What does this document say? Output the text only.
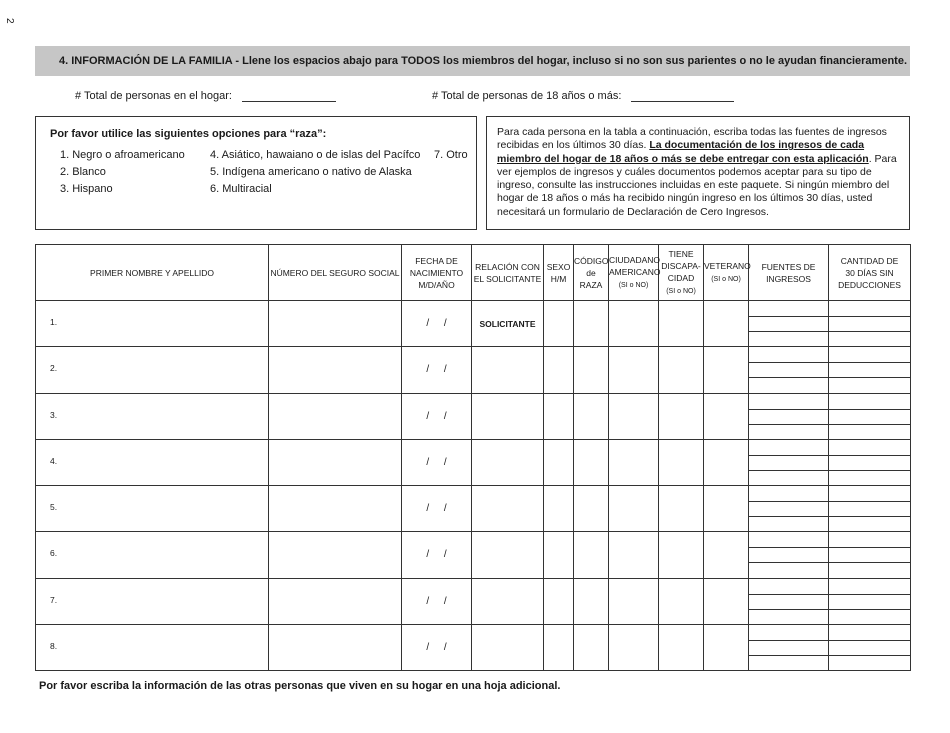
2
4. INFORMACIÓN DE LA FAMILIA - Llene los espacios abajo para TODOS los miembros del hogar, incluso si no son sus parientes o no le ayudan financieramente.
# Total de personas en el hogar:	# Total de personas de 18 años o más:
Por favor utilice las siguientes opciones para “raza”:
1. Negro o afroamericano
2. Blanco
3. Hispano
4. Asiático, hawaiano o de islas del Pacífco
5. Indígena americano o nativo de Alaska
6. Multiracial
7. Otro
Para cada persona en la tabla a continuación, escriba todas las fuentes de ingresos recibidas en los últimos 30 días. La documentación de los ingresos de cada miembro del hogar de 18 años o más se debe entregar con esta aplicación. Para ver ejemplos de ingresos y cuáles documentos podemos aceptar para su tipo de ingreso, consulte las instrucciones incluidas en este paquete. Si ningún miembro del hogar de 18 años o más ha recibido ningún ingreso en los últimos 30 días, usted necesitará un formulario de Declaración de Cero Ingresos.
PRIMER NOMBRE Y APELLIDO	NÚMERO DEL SEGURO SOCIAL	FECHA DE
NACIMIENTO
M/D/AÑO	RELACIÓN CON
EL SOLICITANTE	SEXO
H/M	CÓDIGO
de RAZA	CIUDADANO
AMERICANO
(SI o NO)	TIENE
DISCAPA-
CIDAD
(SI o NO)	VETERANO
(SI o NO)	FUENTES DE
INGRESOS	CANTIDAD DE
30 DÍAS SIN
DEDUCCIONES
1.		/ /	SOLICITANTE						

2.		/ /							

3.		/ /							

4.		/ /							

5.		/ /							

6.		/ /							

7.		/ /							

8.		/ /							

Por favor escriba la información de las otras personas que viven en su hogar en una hoja adicional.
